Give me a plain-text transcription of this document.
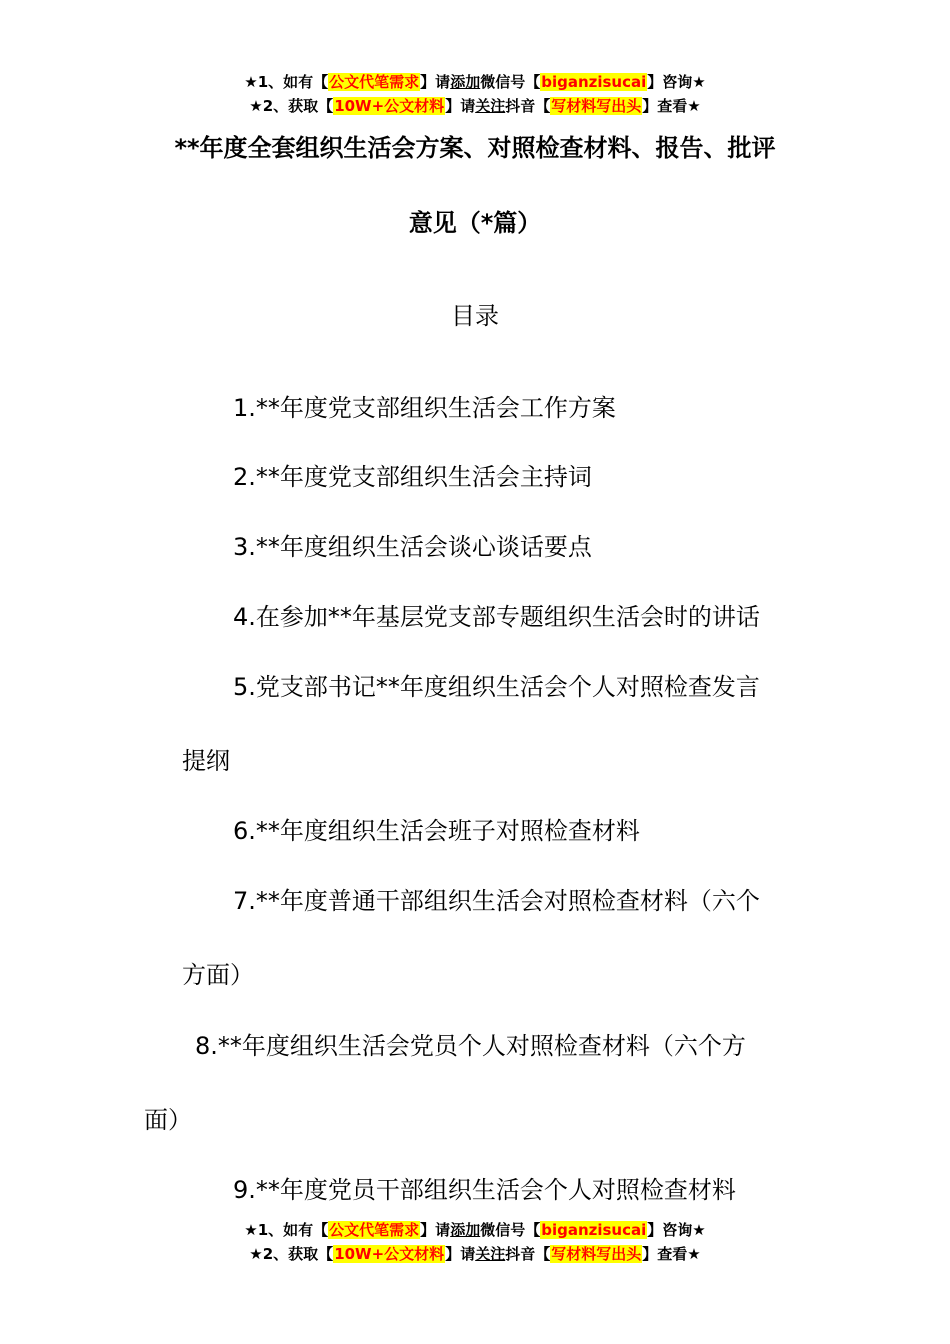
★1、如有【公文代笔需求】请添加微信号【biganzisucai】咨询★
★2、获取【10W+公文材料】请关注抖音【写材料写出头】查看★
**年度全套组织生活会方案、对照检查材料、报告、批评
意见（*篇）
目录
1.**年度党支部组织生活会工作方案
2.**年度党支部组织生活会主持词
3.**年度组织生活会谈心谈话要点
4.在参加**年基层党支部专题组织生活会时的讲话
5.党支部书记**年度组织生活会个人对照检查发言
提纲
6.**年度组织生活会班子对照检查材料
7.**年度普通干部组织生活会对照检查材料（六个
方面）
8.**年度组织生活会党员个人对照检查材料（六个方
面）
9.**年度党员干部组织生活会个人对照检查材料
★1、如有【公文代笔需求】请添加微信号【biganzisucai】咨询★
★2、获取【10W+公文材料】请关注抖音【写材料写出头】查看★
